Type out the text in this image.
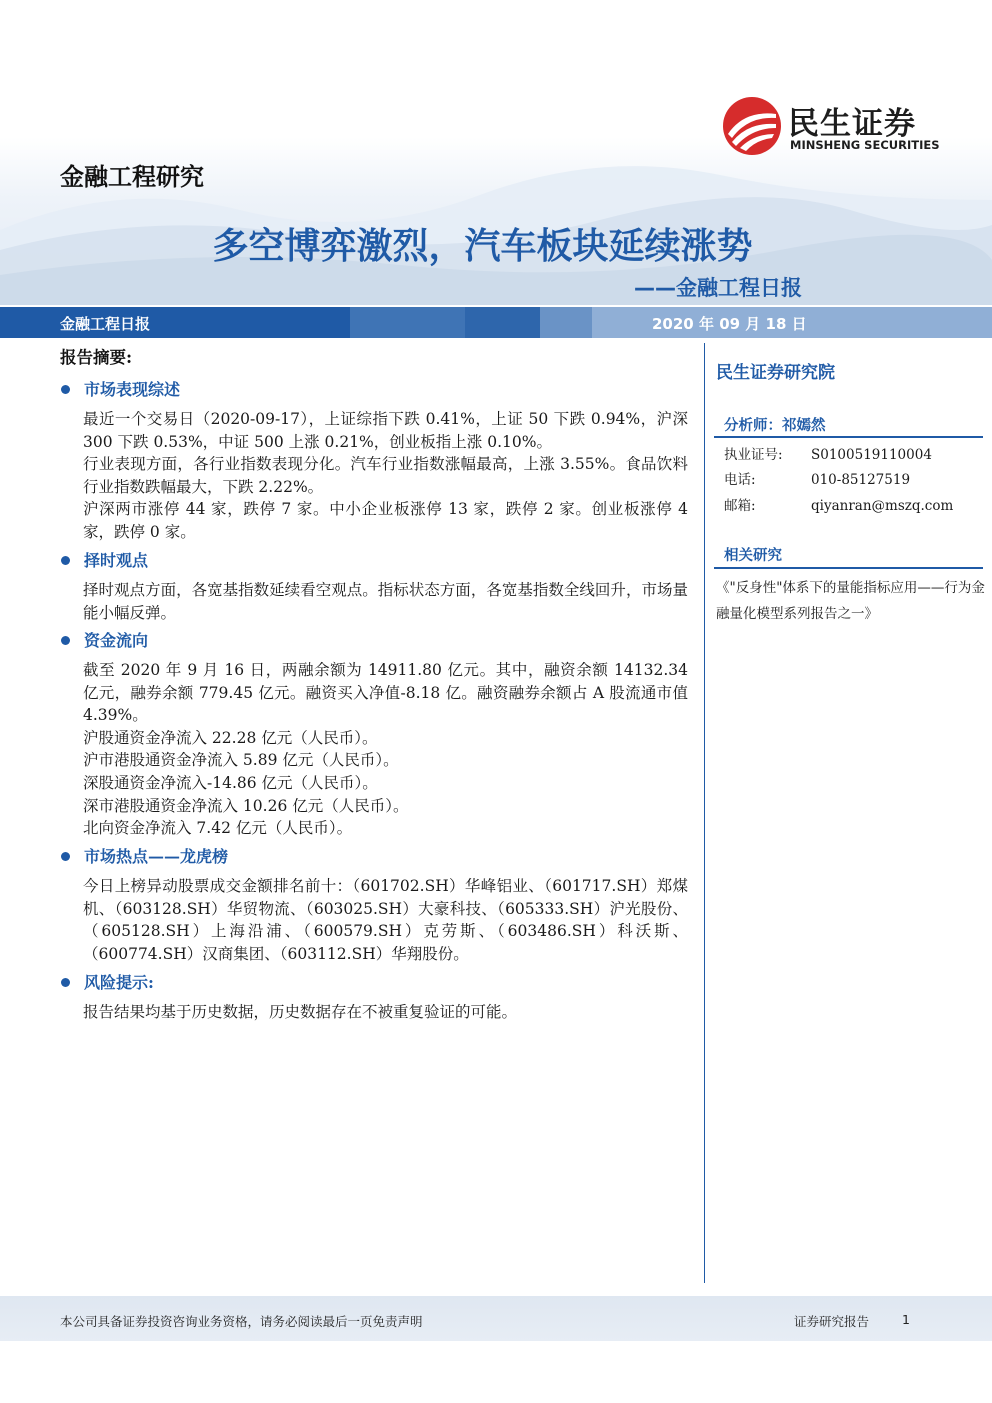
民生证券
MINSHENG SECURITIES
金融工程研究
多空博弈激烈，汽车板块延续涨势
——金融工程日报
金融工程日报	2020 年 09 月 18 日
报告摘要:
市场表现综述
最近一个交易日（2020-09-17），上证综指下跌 0.41%，上证 50 下跌 0.94%，沪深 300 下跌 0.53%，中证 500 上涨 0.21%，创业板指上涨 0.10%。
行业表现方面，各行业指数表现分化。汽车行业指数涨幅最高，上涨 3.55%。食品饮料行业指数跌幅最大，下跌 2.22%。
沪深两市涨停 44 家，跌停 7 家。中小企业板涨停 13 家，跌停 2 家。创业板涨停 4 家，跌停 0 家。
择时观点
择时观点方面，各宽基指数延续看空观点。指标状态方面，各宽基指数全线回升，市场量能小幅反弹。
资金流向
截至 2020 年 9 月 16 日，两融余额为 14911.80 亿元。其中，融资余额 14132.34 亿元，融券余额 779.45 亿元。融资买入净值-8.18 亿。融资融券余额占 A 股流通市值 4.39%。
沪股通资金净流入 22.28 亿元（人民币）。
沪市港股通资金净流入 5.89 亿元（人民币）。
深股通资金净流入-14.86 亿元（人民币）。
深市港股通资金净流入 10.26 亿元（人民币）。
北向资金净流入 7.42 亿元（人民币）。
市场热点——龙虎榜
今日上榜异动股票成交金额排名前十：（601702.SH）华峰铝业、（601717.SH）郑煤机、（603128.SH）华贸物流、（603025.SH）大豪科技、（605333.SH）沪光股份、（605128.SH）上海沿浦、（600579.SH）克劳斯、（603486.SH）科沃斯、（600774.SH）汉商集团、（603112.SH）华翔股份。
风险提示:
报告结果均基于历史数据，历史数据存在不被重复验证的可能。
民生证券研究院
分析师：祁嫣然
执业证号: S0100519110004
电话:	010-85127519
邮箱:	qiyanran@mszq.com
相关研究
《"反身性"体系下的量能指标应用——行为金融量化模型系列报告之一》
本公司具备证券投资咨询业务资格，请务必阅读最后一页免责声明	证券研究报告	1
